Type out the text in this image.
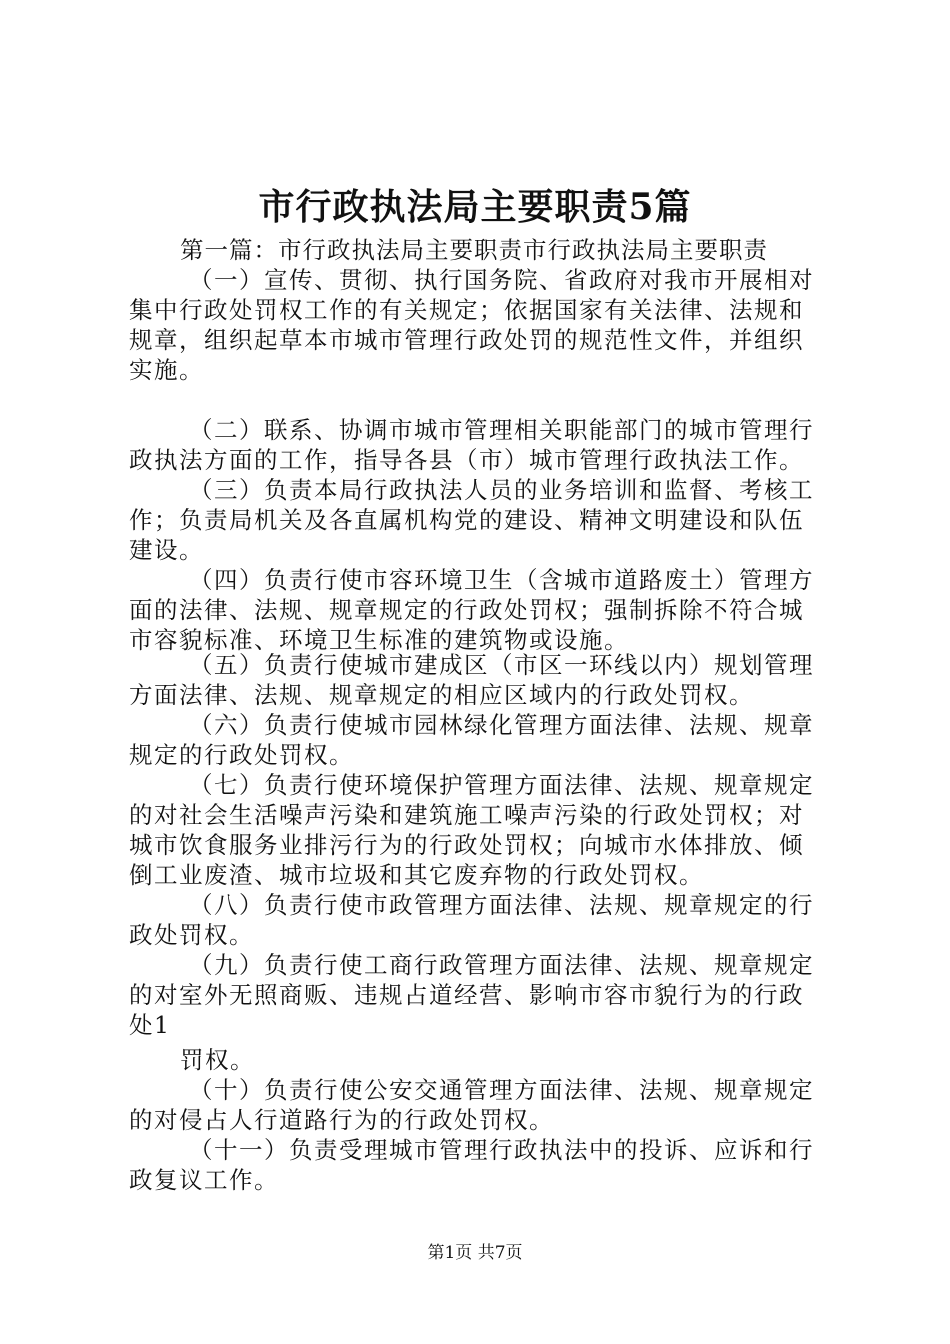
市行政执法局主要职责5篇
第一篇：市行政执法局主要职责市行政执法局主要职责
（一）宣传、贯彻、执行国务院、省政府对我市开展相对
集中行政处罚权工作的有关规定；依据国家有关法律、法规和
规章，组织起草本市城市管理行政处罚的规范性文件，并组织
实施。
（二）联系、协调市城市管理相关职能部门的城市管理行
政执法方面的工作，指导各县（市）城市管理行政执法工作。
（三）负责本局行政执法人员的业务培训和监督、考核工
作；负责局机关及各直属机构党的建设、精神文明建设和队伍
建设。
（四）负责行使市容环境卫生（含城市道路废土）管理方
面的法律、法规、规章规定的行政处罚权；强制拆除不符合城
市容貌标准、环境卫生标准的建筑物或设施。
（五）负责行使城市建成区（市区一环线以内）规划管理
方面法律、法规、规章规定的相应区域内的行政处罚权。
（六）负责行使城市园林绿化管理方面法律、法规、规章
规定的行政处罚权。
（七）负责行使环境保护管理方面法律、法规、规章规定
的对社会生活噪声污染和建筑施工噪声污染的行政处罚权；对
城市饮食服务业排污行为的行政处罚权；向城市水体排放、倾
倒工业废渣、城市垃圾和其它废弃物的行政处罚权。
（八）负责行使市政管理方面法律、法规、规章规定的行
政处罚权。
（九）负责行使工商行政管理方面法律、法规、规章规定
的对室外无照商贩、违规占道经营、影响市容市貌行为的行政
处1
罚权。
（十）负责行使公安交通管理方面法律、法规、规章规定
的对侵占人行道路行为的行政处罚权。
（十一）负责受理城市管理行政执法中的投诉、应诉和行
政复议工作。
第1页 共7页
